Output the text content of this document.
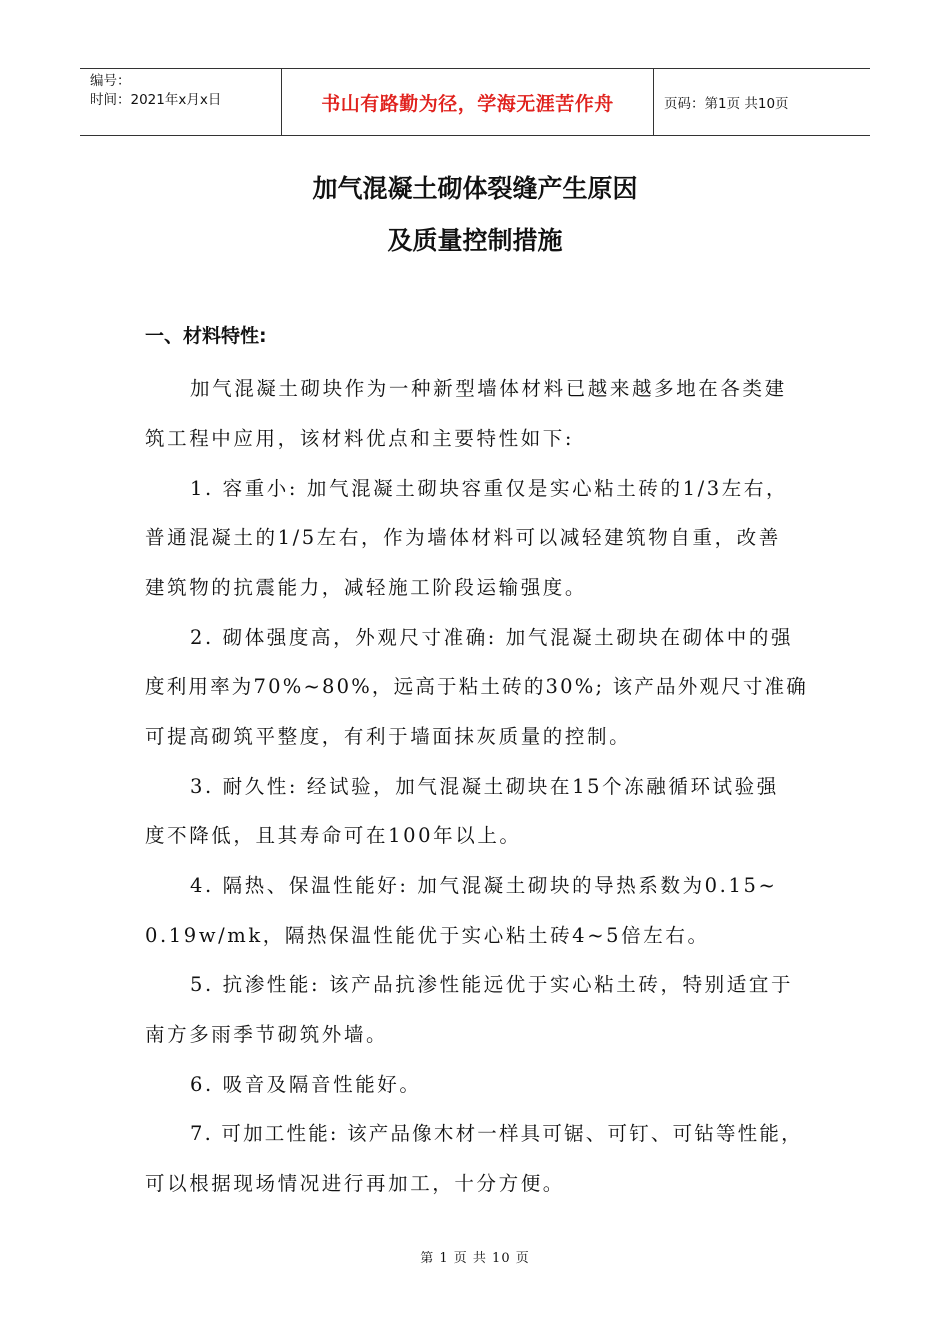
编号：
时间：2021年x月x日	书山有路勤为径，学海无涯苦作舟	页码：第1页 共10页
加气混凝土砌体裂缝产生原因
及质量控制措施
一、材料特性:
加气混凝土砌块作为一种新型墙体材料已越来越多地在各类建
筑工程中应用，该材料优点和主要特性如下:
1. 容重小: 加气混凝土砌块容重仅是实心粘土砖的1/3左右，
普通混凝土的1/5左右，作为墙体材料可以减轻建筑物自重，改善
建筑物的抗震能力，减轻施工阶段运输强度。
2. 砌体强度高，外观尺寸准确: 加气混凝土砌块在砌体中的强
度利用率为70%~80%，远高于粘土砖的30%; 该产品外观尺寸准确
可提高砌筑平整度，有利于墙面抹灰质量的控制。
3. 耐久性: 经试验，加气混凝土砌块在15个冻融循环试验强
度不降低，且其寿命可在100年以上。
4. 隔热、保温性能好: 加气混凝土砌块的导热系数为0.15~
0.19w/mk，隔热保温性能优于实心粘土砖4~5倍左右。
5. 抗渗性能: 该产品抗渗性能远优于实心粘土砖，特别适宜于
南方多雨季节砌筑外墙。
6. 吸音及隔音性能好。
7. 可加工性能: 该产品像木材一样具可锯、可钉、可钻等性能，
可以根据现场情况进行再加工，十分方便。
第 1 页 共 10 页
